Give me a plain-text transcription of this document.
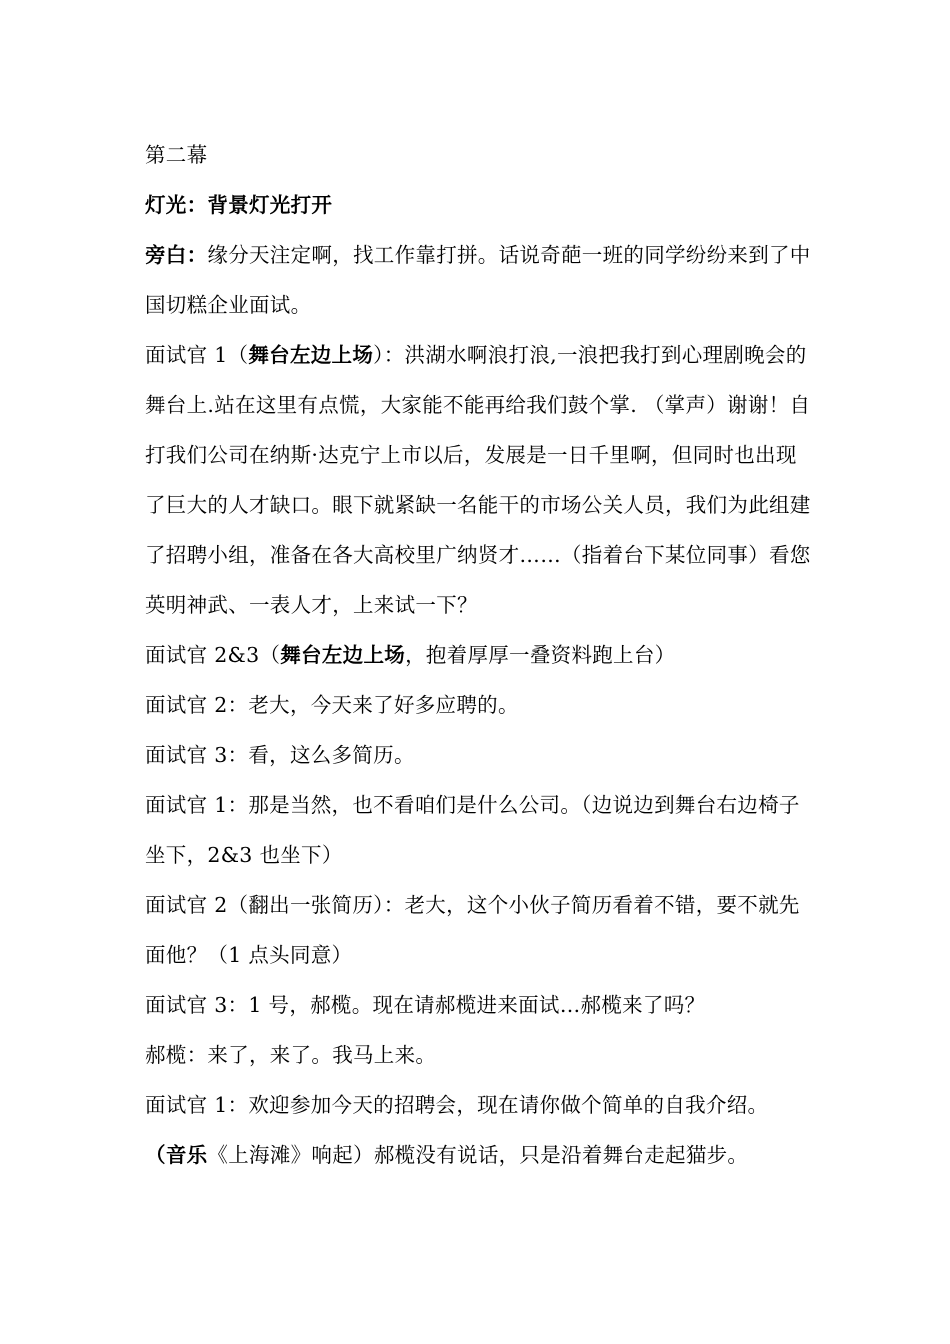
第二幕

灯光：背景灯光打开

旁白：缘分天注定啊，找工作靠打拼。话说奇葩一班的同学纷纷来到了中国切糕企业面试。

面试官 1（舞台左边上场）：洪湖水啊浪打浪,一浪把我打到心理剧晚会的舞台上.站在这里有点慌，大家能不能再给我们鼓个掌. （掌声）谢谢！自打我们公司在纳斯·达克宁上市以后，发展是一日千里啊，但同时也出现了巨大的人才缺口。眼下就紧缺一名能干的市场公关人员，我们为此组建了招聘小组，准备在各大高校里广纳贤才……（指着台下某位同事）看您英明神武、一表人才，上来试一下？

面试官 2&3（舞台左边上场，抱着厚厚一叠资料跑上台）

面试官 2：老大，今天来了好多应聘的。

面试官 3：看，这么多简历。

面试官 1：那是当然，也不看咱们是什么公司。（边说边到舞台右边椅子坐下，2&3 也坐下）

面试官 2（翻出一张简历）：老大，这个小伙子简历看着不错，要不就先面他？（1 点头同意）

面试官 3：1 号，郝榄。现在请郝榄进来面试…郝榄来了吗？

郝榄：来了，来了。我马上来。

面试官 1：欢迎参加今天的招聘会，现在请你做个简单的自我介绍。

（音乐《上海滩》响起）郝榄没有说话，只是沿着舞台走起猫步。
